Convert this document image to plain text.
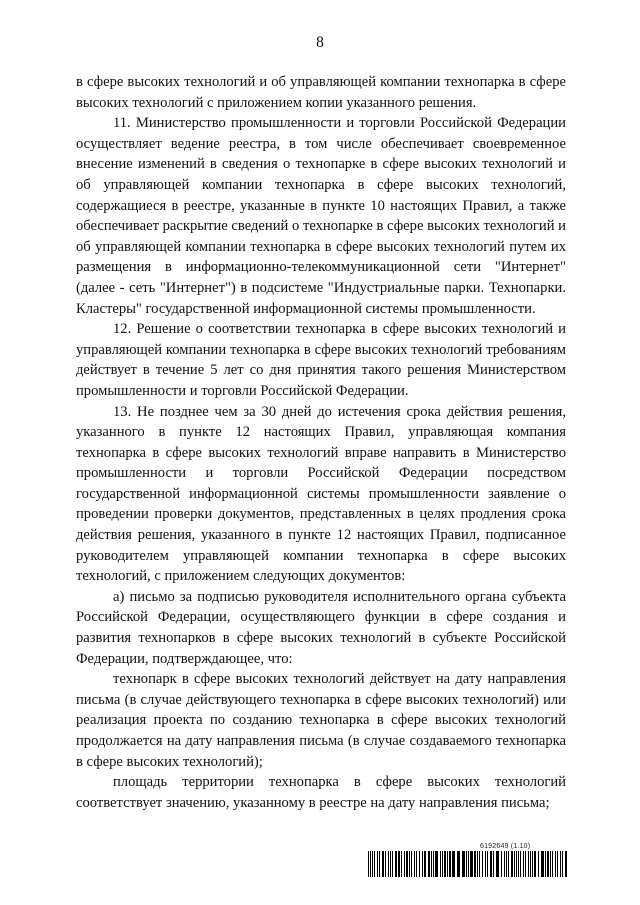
8

в сфере высоких технологий и об управляющей компании технопарка в сфере высоких технологий с приложением копии указанного решения.

11. Министерство промышленности и торговли Российской Федерации осуществляет ведение реестра, в том числе обеспечивает своевременное внесение изменений в сведения о технопарке в сфере высоких технологий и об управляющей компании технопарка в сфере высоких технологий, содержащиеся в реестре, указанные в пункте 10 настоящих Правил, а также обеспечивает раскрытие сведений о технопарке в сфере высоких технологий и об управляющей компании технопарка в сфере высоких технологий путем их размещения в информационно-телекоммуникационной сети "Интернет" (далее - сеть "Интернет") в подсистеме "Индустриальные парки. Технопарки. Кластеры" государственной информационной системы промышленности.

12. Решение о соответствии технопарка в сфере высоких технологий и управляющей компании технопарка в сфере высоких технологий требованиям действует в течение 5 лет со дня принятия такого решения Министерством промышленности и торговли Российской Федерации.

13. Не позднее чем за 30 дней до истечения срока действия решения, указанного в пункте 12 настоящих Правил, управляющая компания технопарка в сфере высоких технологий вправе направить в Министерство промышленности и торговли Российской Федерации посредством государственной информационной системы промышленности заявление о проведении проверки документов, представленных в целях продления срока действия решения, указанного в пункте 12 настоящих Правил, подписанное руководителем управляющей компании технопарка в сфере высоких технологий, с приложением следующих документов:

а) письмо за подписью руководителя исполнительного органа субъекта Российской Федерации, осуществляющего функции в сфере создания и развития технопарков в сфере высоких технологий в субъекте Российской Федерации, подтверждающее, что:

технопарк в сфере высоких технологий действует на дату направления письма (в случае действующего технопарка в сфере высоких технологий) или реализация проекта по созданию технопарка в сфере высоких технологий продолжается на дату направления письма (в случае создаваемого технопарка в сфере высоких технологий);

площадь территории технопарка в сфере высоких технологий соответствует значению, указанному в реестре на дату направления письма;

6192649 (1.10)
